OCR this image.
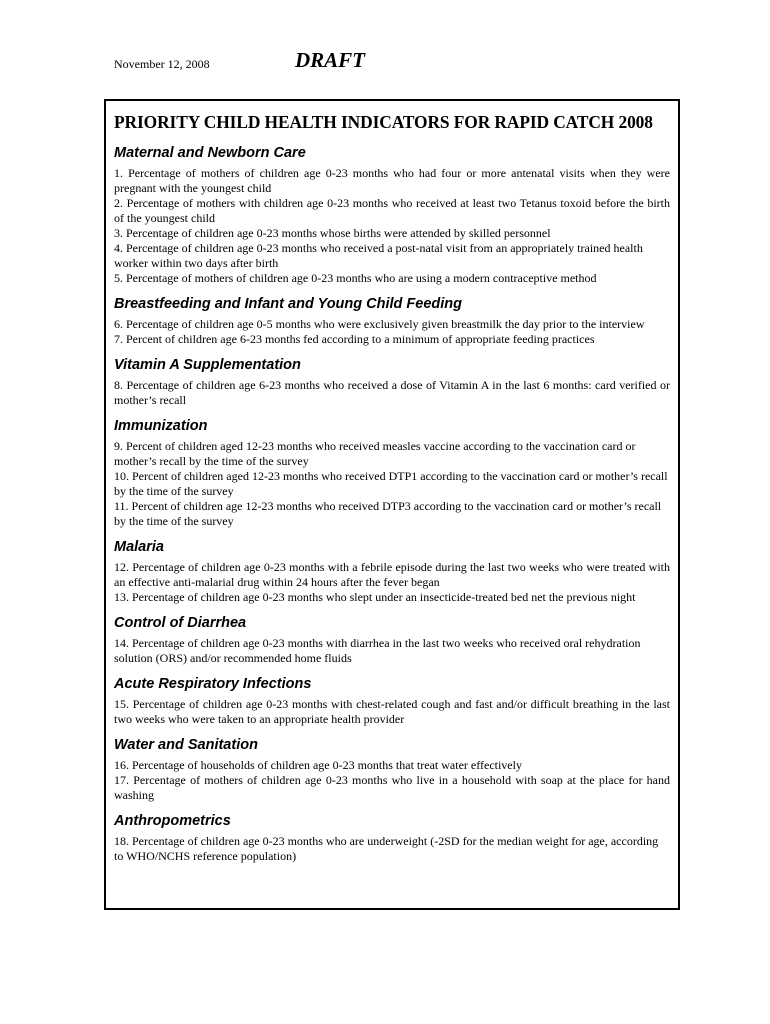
November 12, 2008	DRAFT
PRIORITY CHILD HEALTH INDICATORS FOR RAPID CATCH 2008
Maternal and Newborn Care

1. Percentage of mothers of children age 0-23 months who had four or more antenatal visits when they were pregnant with the youngest child

2. Percentage of mothers with children age 0-23 months who received at least two Tetanus toxoid before the birth of the youngest child

3. Percentage of children age 0-23 months whose births were attended by skilled personnel

4. Percentage of children age 0-23 months who received a post-natal visit from an appropriately trained health worker within two days after birth

5. Percentage of mothers of children age 0-23 months who are using a modern contraceptive method

Breastfeeding and Infant and Young Child Feeding

6. Percentage of children age 0-5 months who were exclusively given breastmilk the day prior to the interview

7. Percent of children age 6-23 months fed according to a minimum of appropriate feeding practices

Vitamin A Supplementation

8. Percentage of children age 6-23 months who received a dose of Vitamin A in the last 6 months: card verified or mother’s recall

Immunization

9. Percent of children aged 12-23 months who received measles vaccine according to the vaccination card or mother’s recall by the time of the survey

10. Percent of children aged 12-23 months who received DTP1 according to the vaccination card or mother’s recall by the time of the survey

11. Percent of children age 12-23 months who received DTP3 according to the vaccination card or mother’s recall by the time of the survey

Malaria

12. Percentage of children age 0-23 months with a febrile episode during the last two weeks who were treated with an effective anti-malarial drug within 24 hours after the fever began

13. Percentage of children age 0-23 months who slept under an insecticide-treated bed net the previous night

Control of Diarrhea

14. Percentage of children age 0-23 months with diarrhea in the last two weeks who received oral rehydration solution (ORS) and/or recommended home fluids

Acute Respiratory Infections

15. Percentage of children age 0-23 months with chest-related cough and fast and/or difficult breathing in the last two weeks who were taken to an appropriate health provider

Water and Sanitation

16. Percentage of households of children age 0-23 months that treat water effectively

17. Percentage of mothers of children age 0-23 months who live in a household with soap at the place for hand washing

Anthropometrics

18. Percentage of children age 0-23 months who are underweight (-2SD for the median weight for age, according to WHO/NCHS reference population)
